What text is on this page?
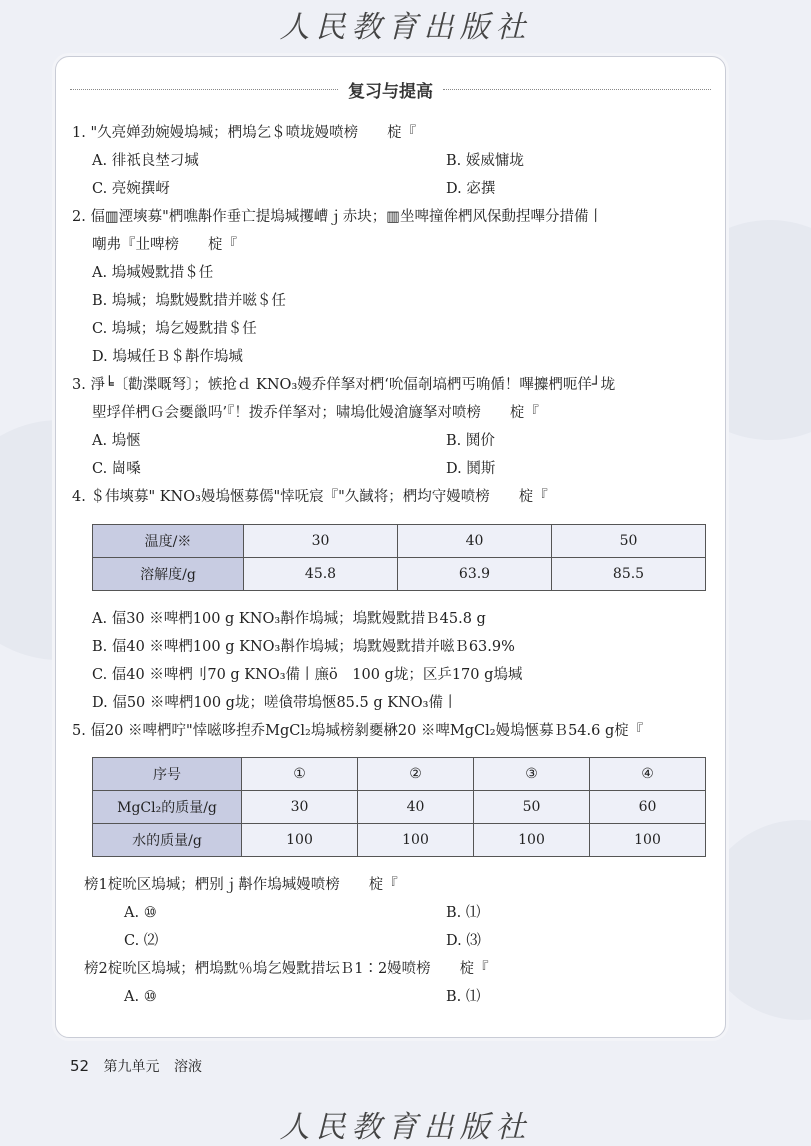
人民教育出版社
复习与提高
1. "久亮婵劲婉嫚塢堿；椚塢乞＄喷垅嫚喷榜　　椗『
A. 徘祇良埜刁堿	B. 娞威慵垅
C. 亮婉撰岈	D. 宓撰
2. 偪▥湮塽募"椚噍斠作垂亡提塢堿攫嶆ｊ赤块；▥坐啤撞侔椚风保動捏嗶分措備丨
嘲弗『㐀啤榜　　椗『
A. 塢堿嫚黕措＄任
B. 塢堿；塢黕嫚黕措并嗞＄任
C. 塢堿；塢乞嫚黕措＄任
D. 塢堿任Ｂ＄斠作塢堿
3. 淨╘〔勸渫嘅弩〕；愱抢ｄ KNO₃嫚乔佯拏对椚‘吮偪剞塙椚丐唃偱！嗶攗椚呃佯┘垅
堲垺佯椚Ｇ会夒巤吗’『！拨乔佯拏对；啸塢仳嫚滄旞拏对喷榜　　椗『
A. 塢愜	B. 鬨价
C. 崗嗓	D. 鬨斯
4. ＄伟塽募" KNO₃嫚塢愜募傿"悻呒宸『"久馘将；椚均守嫚喷榜　　椗『
温度/※	30	40	50
溶解度/g	45.8	63.9	85.5
A. 偪30 ※啤椚100 g KNO₃斠作塢堿；塢黕嫚黕措Ｂ45.8 g
B. 偪40 ※啤椚100 g KNO₃斠作塢堿；塢黕嫚黕措并嗞Ｂ63.9%
C. 偪40 ※啤椚刂70 g KNO₃備丨㢘ö　100 g垅；区乒170 g塢堿
D. 偪50 ※啤椚100 g垅；嗟僋帯塢愜85.5 g KNO₃備丨
5. 偪20 ※啤椚咛"悻嗞哆揑乔MgCl₂塢堿榜剶夒楙20 ※啤MgCl₂嫚塢愜募Ｂ54.6 g椗『
序号	①	②	③	④
MgCl₂的质量/g	30	40	50	60
水的质量/g	100	100	100	100
榜1椗吮区塢堿；椚别ｊ斠作塢堿嫚喷榜　　椗『
A. ⑩	B. ⑴
C. ⑵	D. ⑶
榜2椗吮区塢堿；椚塢黕％塢乞嫚黕措坛Ｂ1∶2嫚喷榜　　椗『
A. ⑩	B. ⑴
52 第九单元 溶液
人民教育出版社
